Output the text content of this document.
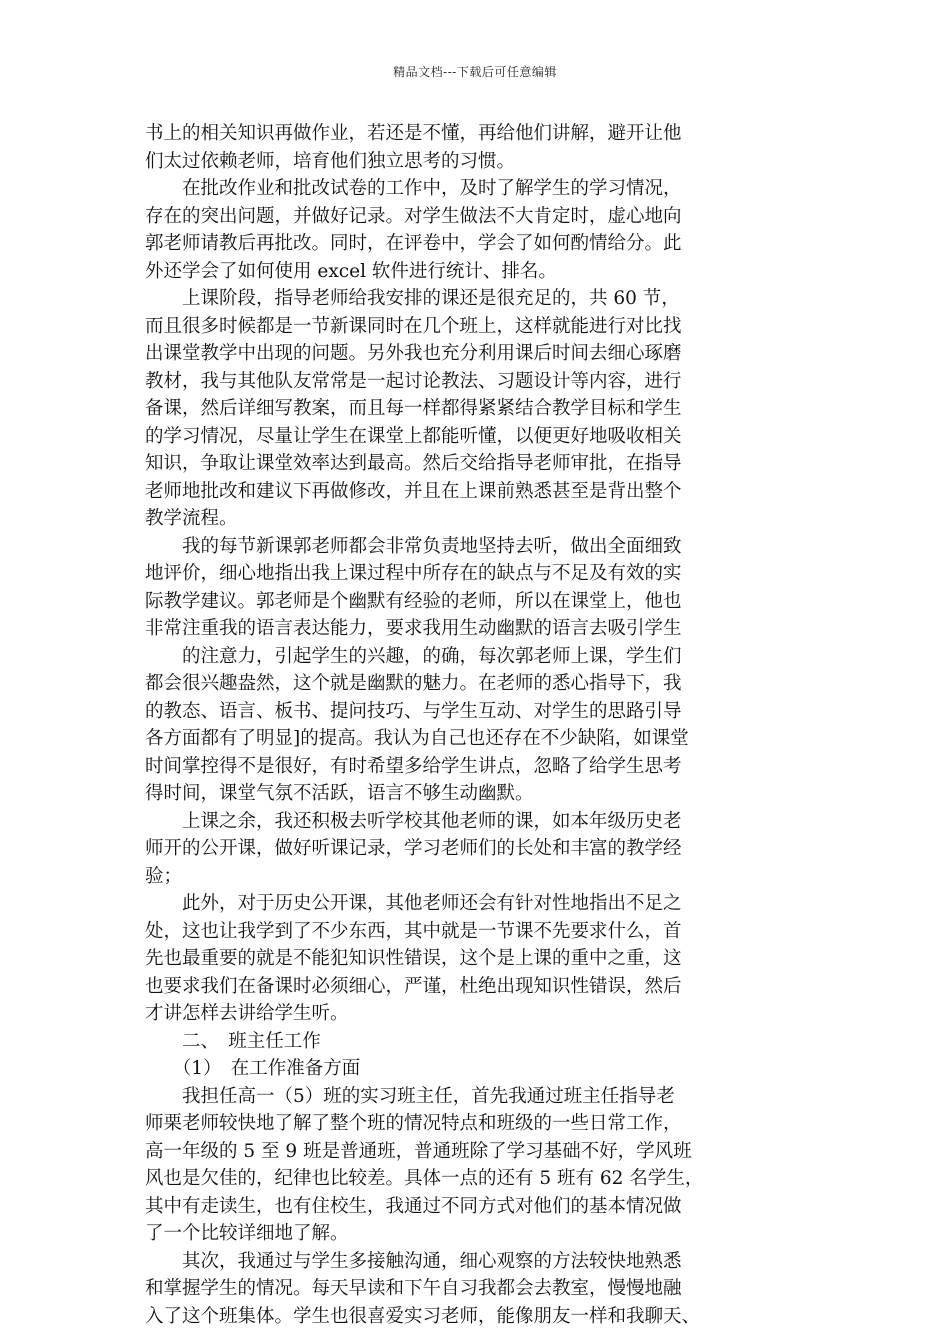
精品文档---下载后可任意编辑
书上的相关知识再做作业，若还是不懂，再给他们讲解，避开让他
们太过依赖老师，培育他们独立思考的习惯。
　　在批改作业和批改试卷的工作中，及时了解学生的学习情况，
存在的突出问题，并做好记录。对学生做法不大肯定时，虚心地向
郭老师请教后再批改。同时，在评卷中，学会了如何酌情给分。此
外还学会了如何使用 excel 软件进行统计、排名。
　　上课阶段，指导老师给我安排的课还是很充足的，共 60 节，
而且很多时候都是一节新课同时在几个班上，这样就能进行对比找
出课堂教学中出现的问题。另外我也充分利用课后时间去细心琢磨
教材，我与其他队友常常是一起讨论教法、习题设计等内容，进行
备课，然后详细写教案，而且每一样都得紧紧结合教学目标和学生
的学习情况，尽量让学生在课堂上都能听懂，以便更好地吸收相关
知识，争取让课堂效率达到最高。然后交给指导老师审批，在指导
老师地批改和建议下再做修改，并且在上课前熟悉甚至是背出整个
教学流程。
　　我的每节新课郭老师都会非常负责地坚持去听，做出全面细致
地评价，细心地指出我上课过程中所存在的缺点与不足及有效的实
际教学建议。郭老师是个幽默有经验的老师，所以在课堂上，他也
非常注重我的语言表达能力，要求我用生动幽默的语言去吸引学生
　　的注意力，引起学生的兴趣，的确，每次郭老师上课，学生们
都会很兴趣盎然，这个就是幽默的魅力。在老师的悉心指导下，我
的教态、语言、板书、提问技巧、与学生互动、对学生的思路引导
各方面都有了明显]的提高。我认为自己也还存在不少缺陷，如课堂
时间掌控得不是很好，有时希望多给学生讲点，忽略了给学生思考
得时间，课堂气氛不活跃，语言不够生动幽默。
　　上课之余，我还积极去听学校其他老师的课，如本年级历史老
师开的公开课，做好听课记录，学习老师们的长处和丰富的教学经
验；
　　此外，对于历史公开课，其他老师还会有针对性地指出不足之
处，这也让我学到了不少东西，其中就是一节课不先要求什么，首
先也最重要的就是不能犯知识性错误，这个是上课的重中之重，这
也要求我们在备课时必须细心，严谨，杜绝出现知识性错误，然后
才讲怎样去讲给学生听。
　　二、　班主任工作
　　（1）　在工作准备方面
　　我担任高一（5）班的实习班主任，首先我通过班主任指导老
师栗老师较快地了解了整个班的情况特点和班级的一些日常工作，
高一年级的 5 至 9 班是普通班，普通班除了学习基础不好，学风班
风也是欠佳的，纪律也比较差。具体一点的还有 5 班有 62 名学生，
其中有走读生，也有住校生，我通过不同方式对他们的基本情况做
了一个比较详细地了解。
　　其次，我通过与学生多接触沟通，细心观察的方法较快地熟悉
和掌握学生的情况。每天早读和下午自习我都会去教室，慢慢地融
入了这个班集体。学生也很喜爱实习老师，能像朋友一样和我聊天、
